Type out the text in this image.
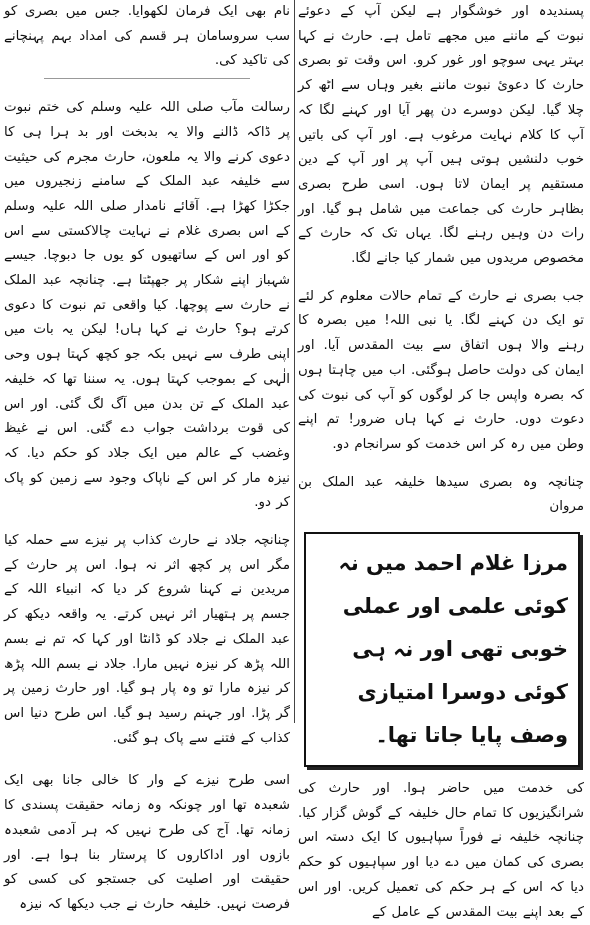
پسندیدہ اور خوشگوار ہے لیکن آپ کے دعوئے نبوت کے ماننے میں مجھے تامل ہے. حارث نے کہا بہتر یہی سوچو اور غور کرو. اس وقت تو بصری حارث کا دعوئ نبوت ماننے بغیر وہاں سے اٹھ کر چلا گیا. لیکن دوسرے دن پھر آیا اور کہنے لگا کہ آپ کا کلام نہایت مرغوب ہے. اور آپ کی باتیں خوب دلنشیں ہوتی ہیں آپ پر اور آپ کے دین مستقیم پر ایمان لاتا ہوں. اسی طرح بصری بظاہر حارث کی جماعت میں شامل ہو گیا. اور رات دن وہیں رہنے لگا. یہاں تک کہ حارث کے مخصوص مریدوں میں شمار کیا جانے لگا.

جب بصری نے حارث کے تمام حالات معلوم کر لئے تو ایک دن کہنے لگا. یا نبی اللہ! میں بصرہ کا رہنے والا ہوں اتفاق سے بیت المقدس آیا. اور ایمان کی دولت حاصل ہوگئی. اب میں چاہتا ہوں کہ بصرہ واپس جا کر لوگوں کو آپ کی نبوت کی دعوت دوں. حارث نے کہا ہاں ضرور! تم اپنے وطن میں رہ کر اس خدمت کو سرانجام دو.

چنانچہ وہ بصری سیدھا خلیفہ عبد الملک بن مروان

مرزا غلام احمد میں نہ کوئی علمی اور عملی
خوبی تھی اور نہ ہی کوئی دوسرا امتیازی
وصف پایا جاتا تھا۔

کی خدمت میں حاضر ہوا. اور حارث کی شرانگیزیوں کا تمام حال خلیفہ کے گوش گزار کیا. چنانچہ خلیفہ نے فوراً سپاہیوں کا ایک دستہ اس بصری کی کمان میں دے دیا اور سپاہیوں کو حکم دیا کہ اس کے ہر حکم کی تعمیل کریں. اور اس کے بعد اپنے بیت المقدس کے عامل کے

نام بھی ایک فرمان لکھوایا. جس میں بصری کو سب سروسامان ہر قسم کی امداد بہم پہنچانے کی تاکید کی.

رسالت مآب صلی اللہ علیہ وسلم کی ختم نبوت پر ڈاکہ ڈالنے والا یہ بدبخت اور بد ہرا ہی کا دعوی کرنے والا یہ ملعون، حارث مجرم کی حیثیت سے خلیفہ عبد الملک کے سامنے زنجیروں میں جکڑا کھڑا ہے. آقائے نامدار صلی اللہ علیہ وسلم کے اس بصری غلام نے نہایت چالاکستی سے اس کو اور اس کے ساتھیوں کو یوں جا دبوچا. جیسے شہباز اپنے شکار پر جھپٹتا ہے. چنانچہ عبد الملک نے حارث سے پوچھا. کیا واقعی تم نبوت کا دعوی کرتے ہو؟ حارث نے کہا ہاں! لیکن یہ بات میں اپنی طرف سے نہیں بکہ جو کچھ کہتا ہوں وحی الٰہی کے بموجب کہتا ہوں. یہ سننا تھا کہ خلیفہ عبد الملک کے تن بدن میں آگ لگ گئی. اور اس کی قوت برداشت جواب دے گئی. اس نے غیظ وغضب کے عالم میں ایک جلاد کو حکم دیا. کہ نیزہ مار کر اس کے ناپاک وجود سے زمین کو پاک کر دو.

چنانچہ جلاد نے حارث کذاب پر نیزے سے حملہ کیا مگر اس پر کچھ اثر نہ ہوا. اس پر حارث کے مریدین نے کہنا شروع کر دیا کہ انبیاء اللہ کے جسم پر ہتھیار اثر نہیں کرتے. یہ واقعہ دیکھ کر عبد الملک نے جلاد کو ڈانٹا اور کہا کہ تم نے بسم اللہ پڑھ کر نیزہ نہیں مارا. جلاد نے بسم اللہ پڑھ کر نیزہ مارا تو وہ پار ہو گیا. اور حارث زمین پر گر پڑا. اور جہنم رسید ہو گیا. اس طرح دنیا اس کذاب کے فتنے سے پاک ہو گئی.

اسی طرح نیزے کے وار کا خالی جانا بھی ایک شعبدہ تھا اور چونکہ وہ زمانہ حقیقت پسندی کا زمانہ تھا. آج کی طرح نہیں کہ ہر آدمی شعبدہ بازوں اور اداکاروں کا پرستار بنا ہوا ہے. اور حقیقت اور اصلیت کی جستجو کی کسی کو فرصت نہیں. خلیفہ حارث نے جب دیکھا کہ نیزہ
